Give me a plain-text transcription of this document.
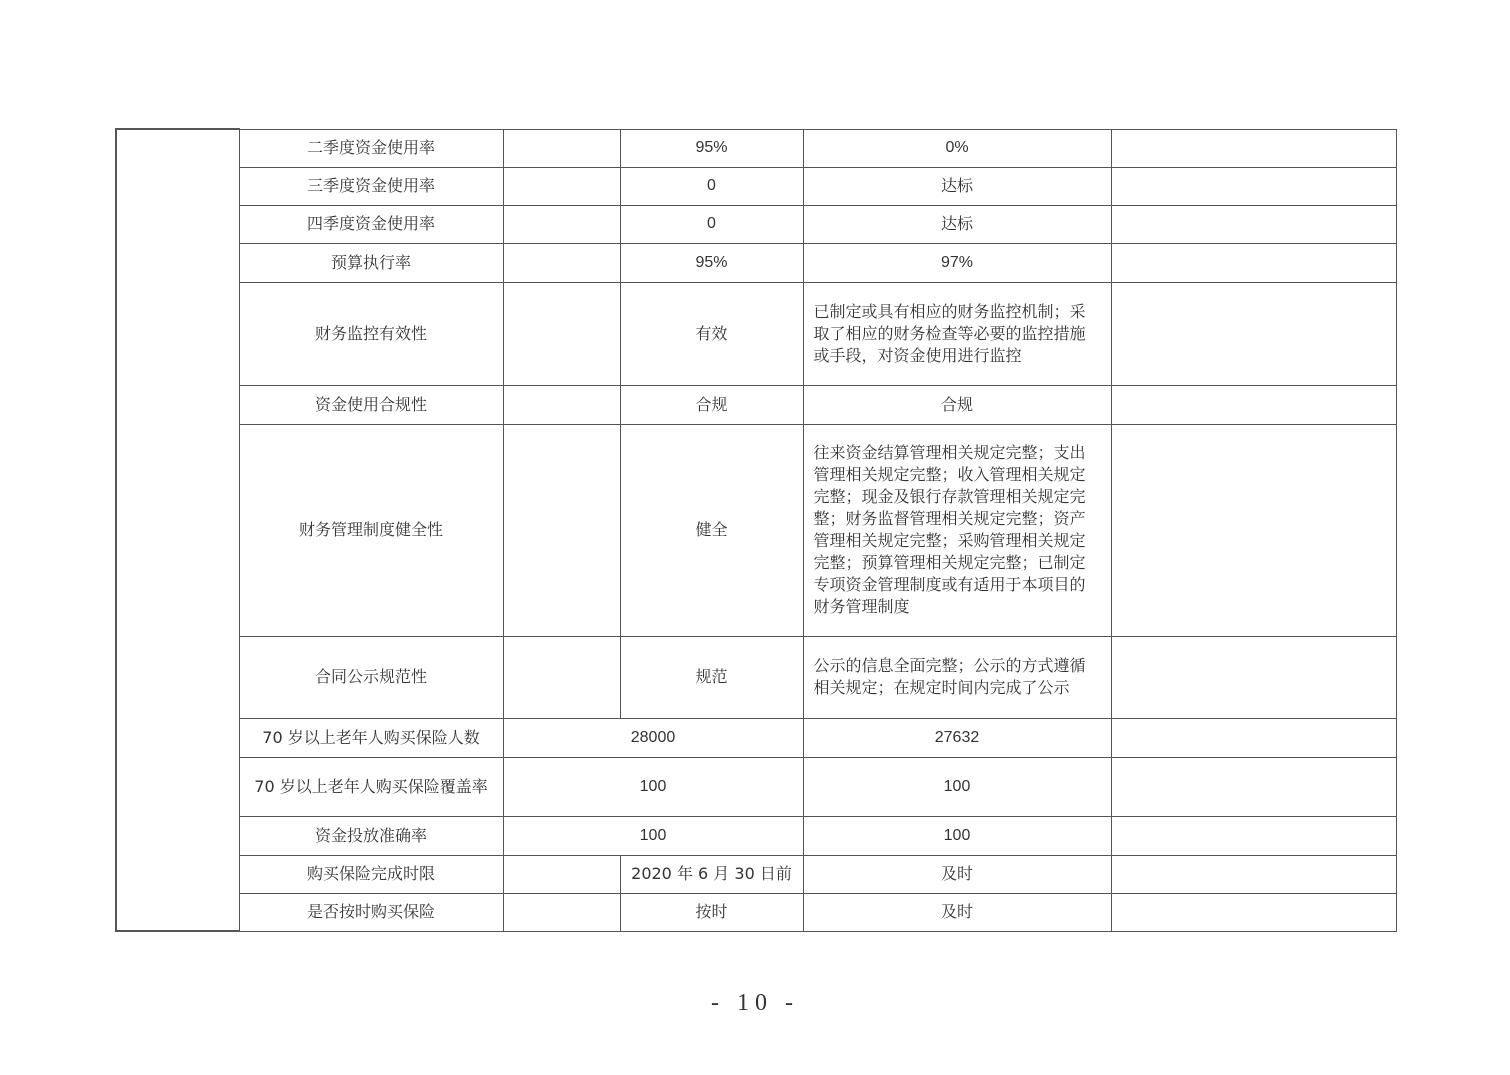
	二季度资金使用率		95%	0%	
	三季度资金使用率		0	达标	
	四季度资金使用率		0	达标	
	预算执行率		95%	97%	
	财务监控有效性		有效	已制定或具有相应的财务监控机制；采取了相应的财务检查等必要的监控措施或手段，对资金使用进行监控	

	资金使用合规性		合规	合规	
	财务管理制度健全性		健全	往来资金结算管理相关规定完整；支出管理相关规定完整；收入管理相关规定完整；现金及银行存款管理相关规定完整；财务监督管理相关规定完整；资产管理相关规定完整；采购管理相关规定完整；预算管理相关规定完整；已制定专项资金管理制度或有适用于本项目的财务管理制度	

	合同公示规范性		规范	公示的信息全面完整；公示的方式遵循相关规定；在规定时间内完成了公示	

	70 岁以上老年人购买保险人数	28000		27632	
	70 岁以上老年人购买保险覆盖率	100		100	
	资金投放准确率	100		100	
	购买保险完成时限		2020 年 6 月 30 日前	及时	
	是否按时购买保险		按时	及时	
- 10 -
